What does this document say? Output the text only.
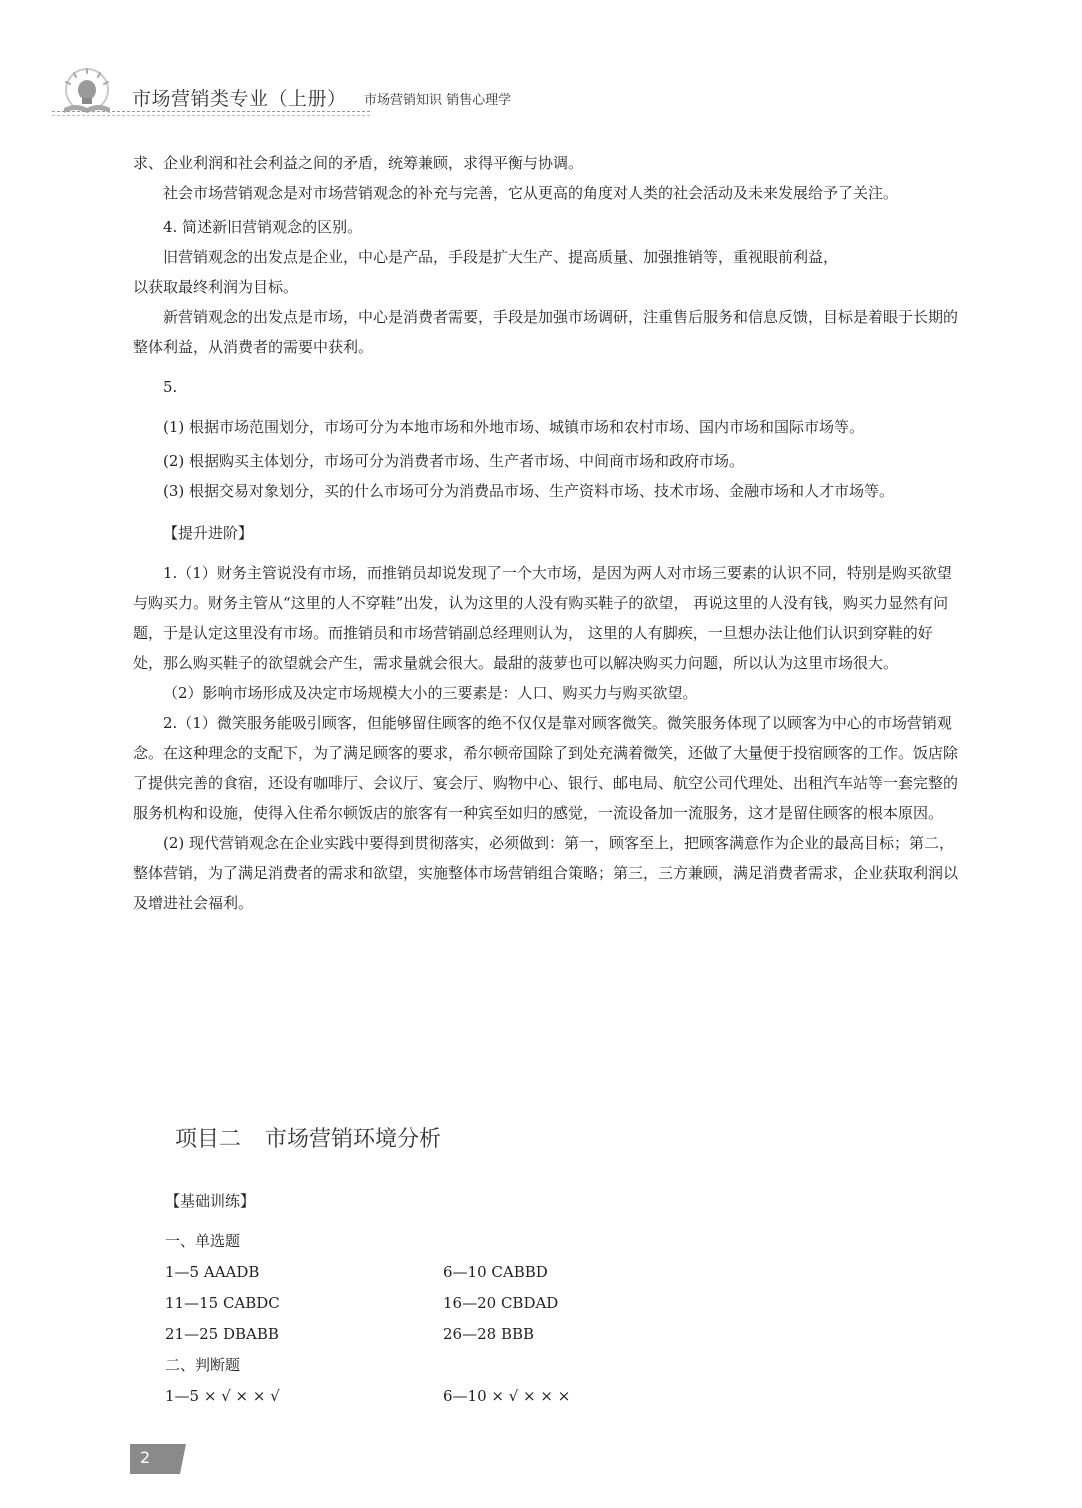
市场营销类专业（上册） 市场营销知识 销售心理学

求、企业利润和社会利益之间的矛盾，统筹兼顾，求得平衡与协调。

社会市场营销观念是对市场营销观念的补充与完善，它从更高的角度对人类的社会活动及未来发展给予了关注。

4. 简述新旧营销观念的区别。

旧营销观念的出发点是企业，中心是产品，手段是扩大生产、提高质量、加强推销等，重视眼前利益，

以获取最终利润为目标。

新营销观念的出发点是市场，中心是消费者需要，手段是加强市场调研，注重售后服务和信息反馈，目标是着眼于长期的整体利益，从消费者的需要中获利。

5.

(1) 根据市场范围划分，市场可分为本地市场和外地市场、城镇市场和农村市场、国内市场和国际市场等。

(2) 根据购买主体划分，市场可分为消费者市场、生产者市场、中间商市场和政府市场。

(3) 根据交易对象划分，买的什么市场可分为消费品市场、生产资料市场、技术市场、金融市场和人才市场等。

【提升进阶】

1.（1）财务主管说没有市场，而推销员却说发现了一个大市场，是因为两人对市场三要素的认识不同，特别是购买欲望与购买力。财务主管从“这里的人不穿鞋”出发，认为这里的人没有购买鞋子的欲望， 再说这里的人没有钱，购买力显然有问题，于是认定这里没有市场。而推销员和市场营销副总经理则认为， 这里的人有脚疾，一旦想办法让他们认识到穿鞋的好处，那么购买鞋子的欲望就会产生，需求量就会很大。最甜的菠萝也可以解决购买力问题，所以认为这里市场很大。

（2）影响市场形成及决定市场规模大小的三要素是：人口、购买力与购买欲望。

2.（1）微笑服务能吸引顾客，但能够留住顾客的绝不仅仅是靠对顾客微笑。微笑服务体现了以顾客为中心的市场营销观念。在这种理念的支配下，为了满足顾客的要求，希尔顿帝国除了到处充满着微笑，还做了大量便于投宿顾客的工作。饭店除了提供完善的食宿，还设有咖啡厅、会议厅、宴会厅、购物中心、银行、邮电局、航空公司代理处、出租汽车站等一套完整的服务机构和设施，使得入住希尔顿饭店的旅客有一种宾至如归的感觉，一流设备加一流服务，这才是留住顾客的根本原因。

(2) 现代营销观念在企业实践中要得到贯彻落实，必须做到：第一，顾客至上，把顾客满意作为企业的最高目标；第二，整体营销，为了满足消费者的需求和欲望，实施整体市场营销组合策略；第三，三方兼顾，满足消费者需求，企业获取利润以及增进社会福利。

项目二 市场营销环境分析
【基础训练】
一、单选题
1—5 AAADB	6—10 CABBD
11—15 CABDC	16—20 CBDAD
21—25 DBABB	26—28 BBB
二、判断题
1—5 × √ × × √	6—10 × √ × × ×
2
